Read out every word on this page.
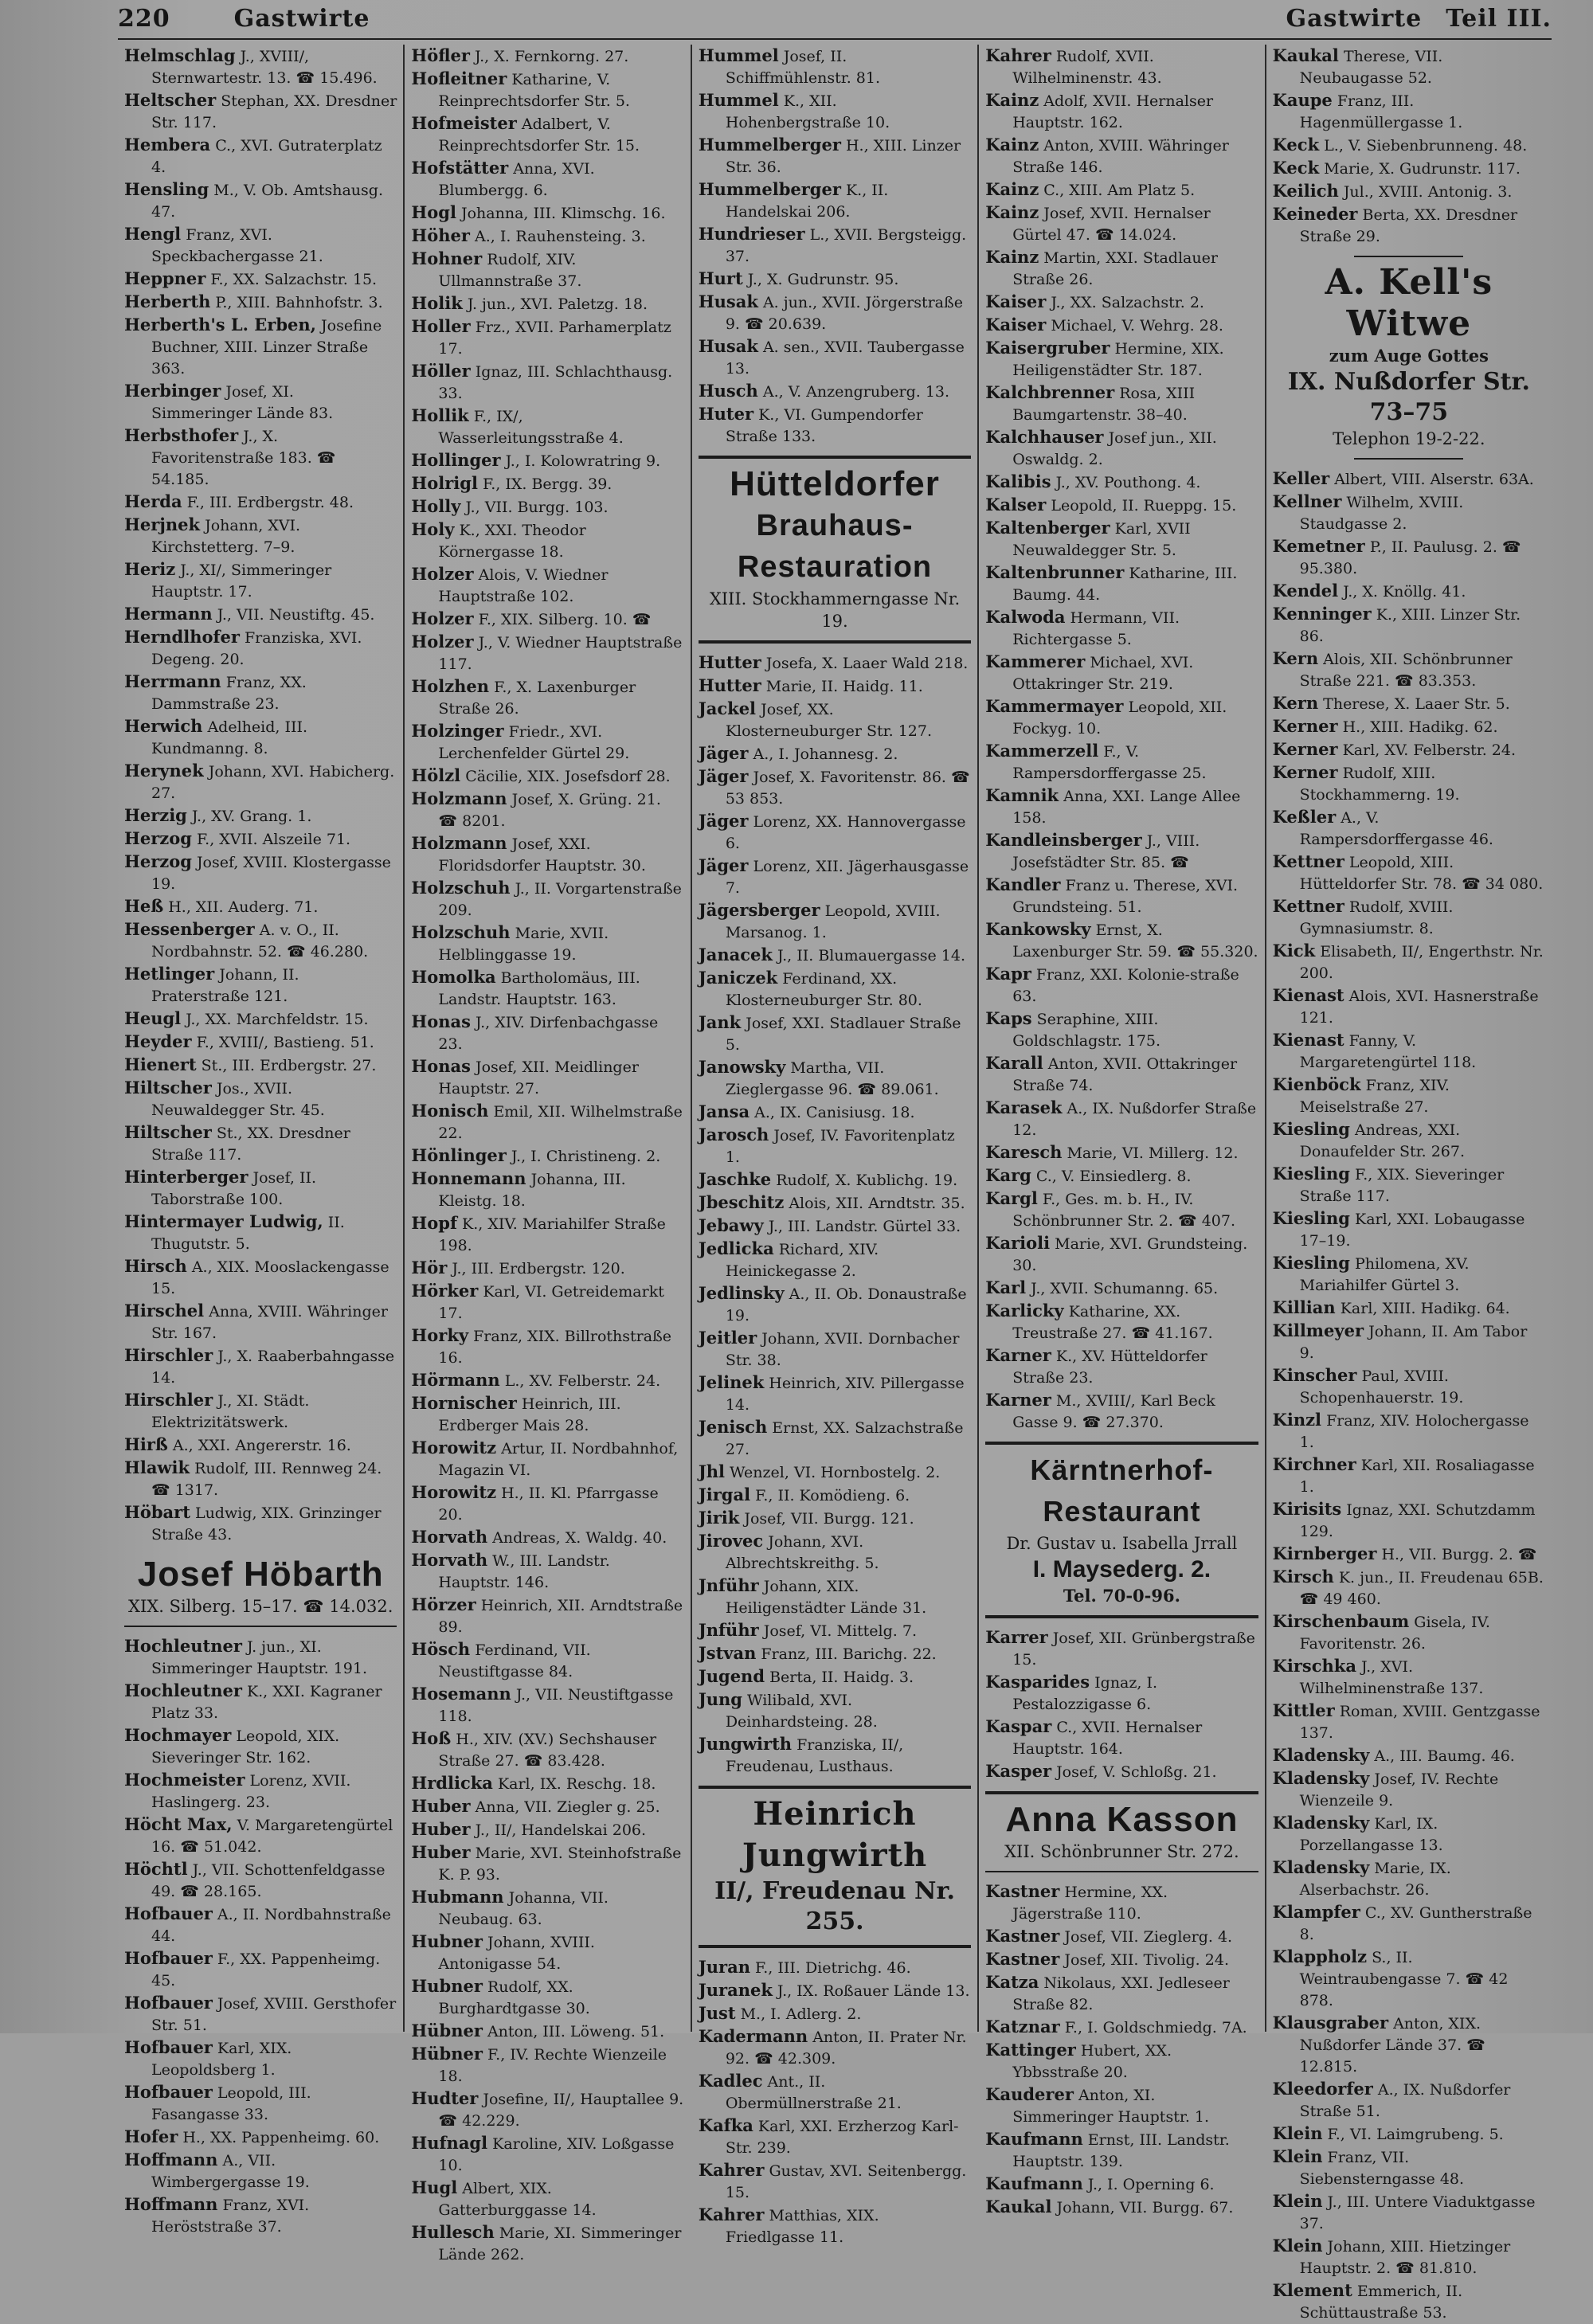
220	Gastwirte	Gastwirte Teil III.

Helmschlag J., XVIII/, Sternwartestr. 13. ☎ 15.496.

Heltscher Stephan, XX. Dresdner Str. 117.

Hembera C., XVI. Gutraterplatz 4.

Hensling M., V. Ob. Amtshausg. 47.

Hengl Franz, XVI. Speckbachergasse 21.

Heppner F., XX. Salzachstr. 15.

Herberth P., XIII. Bahnhofstr. 3.

Herberth's L. Erben, Josefine Buchner, XIII. Linzer Straße 363.

Herbinger Josef, XI. Simmeringer Lände 83.

Herbsthofer J., X. Favoritenstraße 183. ☎ 54.185.

Herda F., III. Erdbergstr. 48.

Herjnek Johann, XVI. Kirchstetterg. 7–9.

Heriz J., XI/, Simmeringer Hauptstr. 17.

Hermann J., VII. Neustiftg. 45.

Herndlhofer Franziska, XVI. Degeng. 20.

Herrmann Franz, XX. Dammstraße 23.

Herwich Adelheid, III. Kundmanng. 8.

Herynek Johann, XVI. Habicherg. 27.

Herzig J., XV. Grang. 1.

Herzog F., XVII. Alszeile 71.

Herzog Josef, XVIII. Klostergasse 19.

Heß H., XII. Auderg. 71.

Hessenberger A. v. O., II. Nordbahnstr. 52. ☎ 46.280.

Hetlinger Johann, II. Praterstraße 121.

Heugl J., XX. Marchfeldstr. 15.

Heyder F., XVIII/, Bastieng. 51.

Hienert St., III. Erdbergstr. 27.

Hiltscher Jos., XVII. Neuwaldegger Str. 45.

Hiltscher St., XX. Dresdner Straße 117.

Hinterberger Josef, II. Taborstraße 100.

Hintermayer Ludwig, II. Thugutstr. 5.

Hirsch A., XIX. Mooslackengasse 15.

Hirschel Anna, XVIII. Währinger Str. 167.

Hirschler J., X. Raaberbahngasse 14.

Hirschler J., XI. Städt. Elektrizitätswerk.

Hirß A., XXI. Angererstr. 16.

Hlawik Rudolf, III. Rennweg 24. ☎ 1317.

Höbart Ludwig, XIX. Grinzinger Straße 43.

Josef Höbarth
XIX. Silberg. 15–17. ☎ 14.032.

Hochleutner J. jun., XI. Simmeringer Hauptstr. 191.

Hochleutner K., XXI. Kagraner Platz 33.

Hochmayer Leopold, XIX. Sieveringer Str. 162.

Hochmeister Lorenz, XVII. Haslingerg. 23.

Höcht Max, V. Margaretengürtel 16. ☎ 51.042.

Höchtl J., VII. Schottenfeldgasse 49. ☎ 28.165.

Hofbauer A., II. Nordbahnstraße 44.

Hofbauer F., XX. Pappenheimg. 45.

Hofbauer Josef, XVIII. Gersthofer Str. 51.

Hofbauer Karl, XIX. Leopoldsberg 1.

Hofbauer Leopold, III. Fasangasse 33.

Hofer H., XX. Pappenheimg. 60.

Hoffmann A., VII. Wimbergergasse 19.

Hoffmann Franz, XVI. Heröststraße 37.

Höfler J., X. Fernkorng. 27.

Hofleitner Katharine, V. Reinprechtsdorfer Str. 5.

Hofmeister Adalbert, V. Reinprechtsdorfer Str. 15.

Hofstätter Anna, XVI. Blumbergg. 6.

Hogl Johanna, III. Klimschg. 16.

Höher A., I. Rauhensteing. 3.

Hohner Rudolf, XIV. Ullmannstraße 37.

Holik J. jun., XVI. Paletzg. 18.

Holler Frz., XVII. Parhamerplatz 17.

Höller Ignaz, III. Schlachthausg. 33.

Hollik F., IX/, Wasserleitungsstraße 4.

Hollinger J., I. Kolowratring 9.

Holrigl F., IX. Bergg. 39.

Holly J., VII. Burgg. 103.

Holy K., XXI. Theodor Körnergasse 18.

Holzer Alois, V. Wiedner Hauptstraße 102.

Holzer F., XIX. Silberg. 10. ☎

Holzer J., V. Wiedner Hauptstraße 117.

Holzhen F., X. Laxenburger Straße 26.

Holzinger Friedr., XVI. Lerchenfelder Gürtel 29.

Hölzl Cäcilie, XIX. Josefsdorf 28.

Holzmann Josef, X. Grüng. 21. ☎ 8201.

Holzmann Josef, XXI. Floridsdorfer Hauptstr. 30.

Holzschuh J., II. Vorgartenstraße 209.

Holzschuh Marie, XVII. Helblinggasse 19.

Homolka Bartholomäus, III. Landstr. Hauptstr. 163.

Honas J., XIV. Dirfenbachgasse 23.

Honas Josef, XII. Meidlinger Hauptstr. 27.

Honisch Emil, XII. Wilhelmstraße 22.

Hönlinger J., I. Christineng. 2.

Honnemann Johanna, III. Kleistg. 18.

Hopf K., XIV. Mariahilfer Straße 198.

Hör J., III. Erdbergstr. 120.

Hörker Karl, VI. Getreidemarkt 17.

Horky Franz, XIX. Billrothstraße 16.

Hörmann L., XV. Felberstr. 24.

Hornischer Heinrich, III. Erdberger Mais 28.

Horowitz Artur, II. Nordbahnhof, Magazin VI.

Horowitz H., II. Kl. Pfarrgasse 20.

Horvath Andreas, X. Waldg. 40.

Horvath W., III. Landstr. Hauptstr. 146.

Hörzer Heinrich, XII. Arndtstraße 89.

Hösch Ferdinand, VII. Neustiftgasse 84.

Hosemann J., VII. Neustiftgasse 118.

Hoß H., XIV. (XV.) Sechshauser Straße 27. ☎ 83.428.

Hrdlicka Karl, IX. Reschg. 18.

Huber Anna, VII. Ziegler g. 25.

Huber J., II/, Handelskai 206.

Huber Marie, XVI. Steinhofstraße K. P. 93.

Hubmann Johanna, VII. Neubaug. 63.

Hubner Johann, XVIII. Antonigasse 54.

Hubner Rudolf, XX. Burghardtgasse 30.

Hübner Anton, III. Löweng. 51.

Hübner F., IV. Rechte Wienzeile 18.

Hudter Josefine, II/, Hauptallee 9. ☎ 42.229.

Hufnagl Karoline, XIV. Loßgasse 10.

Hugl Albert, XIX. Gatterburggasse 14.

Hullesch Marie, XI. Simmeringer Lände 262.

Hummel Josef, II. Schiffmühlenstr. 81.

Hummel K., XII. Hohenbergstraße 10.

Hummelberger H., XIII. Linzer Str. 36.

Hummelberger K., II. Handelskai 206.

Hundrieser L., XVII. Bergsteigg. 37.

Hurt J., X. Gudrunstr. 95.

Husak A. jun., XVII. Jörgerstraße 9. ☎ 20.639.

Husak A. sen., XVII. Taubergasse 13.

Husch A., V. Anzengruberg. 13.

Huter K., VI. Gumpendorfer Straße 133.

Hütteldorfer
Brauhaus-Restauration
XIII. Stockhammerngasse Nr. 19.

Hutter Josefa, X. Laaer Wald 218.

Hutter Marie, II. Haidg. 11.

Jackel Josef, XX. Klosterneuburger Str. 127.

Jäger A., I. Johannesg. 2.

Jäger Josef, X. Favoritenstr. 86. ☎ 53 853.

Jäger Lorenz, XX. Hannovergasse 6.

Jäger Lorenz, XII. Jägerhausgasse 7.

Jägersberger Leopold, XVIII. Marsanog. 1.

Janacek J., II. Blumauergasse 14.

Janiczek Ferdinand, XX. Klosterneuburger Str. 80.

Jank Josef, XXI. Stadlauer Straße 5.

Janowsky Martha, VII. Zieglergasse 96. ☎ 89.061.

Jansa A., IX. Canisiusg. 18.

Jarosch Josef, IV. Favoritenplatz 1.

Jaschke Rudolf, X. Kublichg. 19.

Jbeschitz Alois, XII. Arndtstr. 35.

Jebawy J., III. Landstr. Gürtel 33.

Jedlicka Richard, XIV. Heinickegasse 2.

Jedlinsky A., II. Ob. Donaustraße 19.

Jeitler Johann, XVII. Dornbacher Str. 38.

Jelinek Heinrich, XIV. Pillergasse 14.

Jenisch Ernst, XX. Salzachstraße 27.

Jhl Wenzel, VI. Hornbostelg. 2.

Jirgal F., II. Komödieng. 6.

Jirik Josef, VII. Burgg. 121.

Jirovec Johann, XVI. Albrechtskreithg. 5.

Jnführ Johann, XIX. Heiligenstädter Lände 31.

Jnführ Josef, VI. Mittelg. 7.

Jstvan Franz, III. Barichg. 22.

Jugend Berta, II. Haidg. 3.

Jung Wilibald, XVI. Deinhardsteing. 28.

Jungwirth Franziska, II/, Freudenau, Lusthaus.

Heinrich Jungwirth
II/, Freudenau Nr. 255.

Juran F., III. Dietrichg. 46.

Juranek J., IX. Roßauer Lände 13.

Just M., I. Adlerg. 2.

Kadermann Anton, II. Prater Nr. 92. ☎ 42.309.

Kadlec Ant., II. Obermüllnerstraße 21.

Kafka Karl, XXI. Erzherzog Karl-Str. 239.

Kahrer Gustav, XVI. Seitenbergg. 15.

Kahrer Matthias, XIX. Friedlgasse 11.

Kahrer Rudolf, XVII. Wilhelminenstr. 43.

Kainz Adolf, XVII. Hernalser Hauptstr. 162.

Kainz Anton, XVIII. Währinger Straße 146.

Kainz C., XIII. Am Platz 5.

Kainz Josef, XVII. Hernalser Gürtel 47. ☎ 14.024.

Kainz Martin, XXI. Stadlauer Straße 26.

Kaiser J., XX. Salzachstr. 2.

Kaiser Michael, V. Wehrg. 28.

Kaisergruber Hermine, XIX. Heiligenstädter Str. 187.

Kalchbrenner Rosa, XIII Baumgartenstr. 38–40.

Kalchhauser Josef jun., XII. Oswaldg. 2.

Kalibis J., XV. Pouthong. 4.

Kalser Leopold, II. Rueppg. 15.

Kaltenberger Karl, XVII Neuwaldegger Str. 5.

Kaltenbrunner Katharine, III. Baumg. 44.

Kalwoda Hermann, VII. Richtergasse 5.

Kammerer Michael, XVI. Ottakringer Str. 219.

Kammermayer Leopold, XII. Fockyg. 10.

Kammerzell F., V. Rampersdorffergasse 25.

Kamnik Anna, XXI. Lange Allee 158.

Kandleinsberger J., VIII. Josefstädter Str. 85. ☎

Kandler Franz u. Therese, XVI. Grundsteing. 51.

Kankowsky Ernst, X. Laxenburger Str. 59. ☎ 55.320.

Kapr Franz, XXI. Kolonie-straße 63.

Kaps Seraphine, XIII. Goldschlagstr. 175.

Karall Anton, XVII. Ottakringer Straße 74.

Karasek A., IX. Nußdorfer Straße 12.

Karesch Marie, VI. Millerg. 12.

Karg C., V. Einsiedlerg. 8.

Kargl F., Ges. m. b. H., IV. Schönbrunner Str. 2. ☎ 407.

Karioli Marie, XVI. Grundsteing. 30.

Karl J., XVII. Schumanng. 65.

Karlicky Katharine, XX. Treustraße 27. ☎ 41.167.

Karner K., XV. Hütteldorfer Straße 23.

Karner M., XVIII/, Karl Beck Gasse 9. ☎ 27.370.

Kärntnerhof-Restaurant
Dr. Gustav u. Isabella Jrrall
I. Maysederg. 2.
Tel. 70-0-96.

Karrer Josef, XII. Grünbergstraße 15.

Kasparides Ignaz, I. Pestalozzigasse 6.

Kaspar C., XVII. Hernalser Hauptstr. 164.

Kasper Josef, V. Schloßg. 21.

Anna Kasson
XII. Schönbrunner Str. 272.

Kastner Hermine, XX. Jägerstraße 110.

Kastner Josef, VII. Zieglerg. 4.

Kastner Josef, XII. Tivolig. 24.

Katza Nikolaus, XXI. Jedleseer Straße 82.

Katznar F., I. Goldschmiedg. 7A.

Kattinger Hubert, XX. Ybbsstraße 20.

Kauderer Anton, XI. Simmeringer Hauptstr. 1.

Kaufmann Ernst, III. Landstr. Hauptstr. 139.

Kaufmann J., I. Operning 6.

Kaukal Johann, VII. Burgg. 67.

Kaukal Therese, VII. Neubaugasse 52.

Kaupe Franz, III. Hagenmüllergasse 1.

Keck L., V. Siebenbrunneng. 48.

Keck Marie, X. Gudrunstr. 117.

Keilich Jul., XVIII. Antonig. 3.

Keineder Berta, XX. Dresdner Straße 29.

A. Kell's Witwe
zum Auge Gottes
IX. Nußdorfer Str. 73–75
Telephon 19-2-22.

Keller Albert, VIII. Alserstr. 63A.

Kellner Wilhelm, XVIII. Staudgasse 2.

Kemetner P., II. Paulusg. 2. ☎ 95.380.

Kendel J., X. Knöllg. 41.

Kenninger K., XIII. Linzer Str. 86.

Kern Alois, XII. Schönbrunner Straße 221. ☎ 83.353.

Kern Therese, X. Laaer Str. 5.

Kerner H., XIII. Hadikg. 62.

Kerner Karl, XV. Felberstr. 24.

Kerner Rudolf, XIII. Stockhammerng. 19.

Keßler A., V. Rampersdorffergasse 46.

Kettner Leopold, XIII. Hütteldorfer Str. 78. ☎ 34 080.

Kettner Rudolf, XVIII. Gymnasiumstr. 8.

Kick Elisabeth, II/, Engerthstr. Nr. 200.

Kienast Alois, XVI. Hasnerstraße 121.

Kienast Fanny, V. Margaretengürtel 118.

Kienböck Franz, XIV. Meiselstraße 27.

Kiesling Andreas, XXI. Donaufelder Str. 267.

Kiesling F., XIX. Sieveringer Straße 117.

Kiesling Karl, XXI. Lobaugasse 17–19.

Kiesling Philomena, XV. Mariahilfer Gürtel 3.

Killian Karl, XIII. Hadikg. 64.

Killmeyer Johann, II. Am Tabor 9.

Kinscher Paul, XVIII. Schopenhauerstr. 19.

Kinzl Franz, XIV. Holochergasse 1.

Kirchner Karl, XII. Rosaliagasse 1.

Kirisits Ignaz, XXI. Schutzdamm 129.

Kirnberger H., VII. Burgg. 2. ☎

Kirsch K. jun., II. Freudenau 65B. ☎ 49 460.

Kirschenbaum Gisela, IV. Favoritenstr. 26.

Kirschka J., XVI. Wilhelminenstraße 137.

Kittler Roman, XVIII. Gentzgasse 137.

Kladensky A., III. Baumg. 46.

Kladensky Josef, IV. Rechte Wienzeile 9.

Kladensky Karl, IX. Porzellangasse 13.

Kladensky Marie, IX. Alserbachstr. 26.

Klampfer C., XV. Guntherstraße 8.

Klappholz S., II. Weintraubengasse 7. ☎ 42 878.

Klausgraber Anton, XIX. Nußdorfer Lände 37. ☎ 12.815.

Kleedorfer A., IX. Nußdorfer Straße 51.

Klein F., VI. Laimgrubeng. 5.

Klein Franz, VII. Siebensterngasse 48.

Klein J., III. Untere Viaduktgasse 37.

Klein Johann, XIII. Hietzinger Hauptstr. 2. ☎ 81.810.

Klement Emmerich, II. Schüttaustraße 53.
